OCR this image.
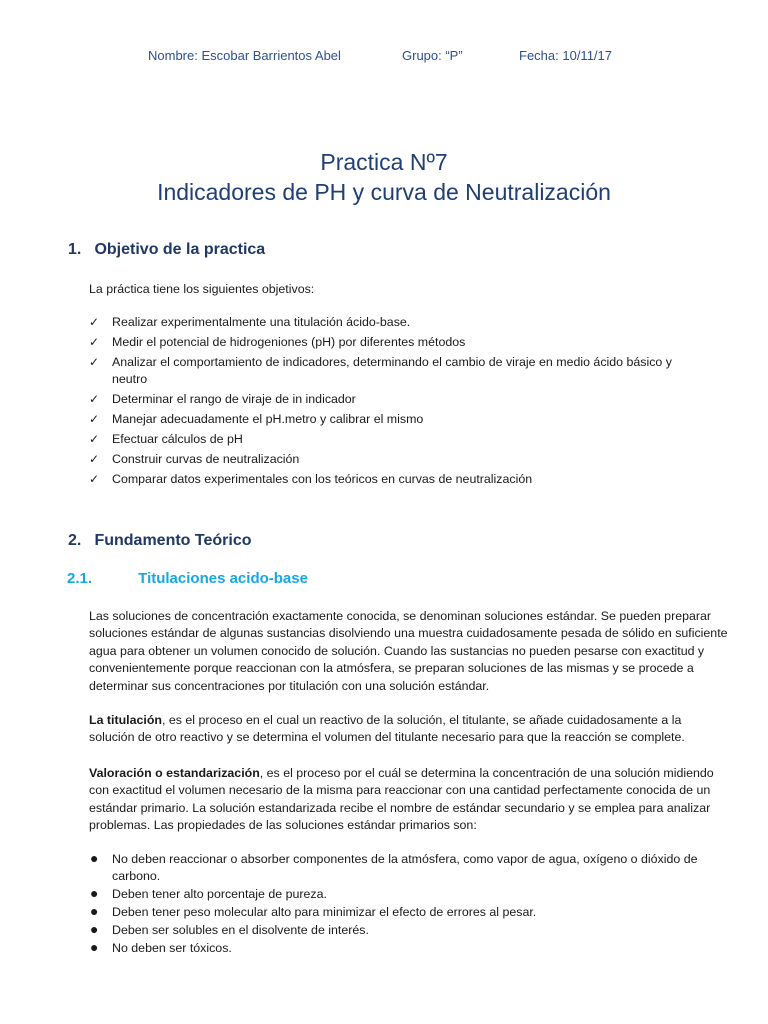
Nombre: Escobar Barrientos Abel	Grupo: “P”	Fecha: 10/11/17
Practica Nº7
Indicadores de PH y curva de Neutralización
1. Objetivo de la practica
La práctica tiene los siguientes objetivos:
✓ Realizar experimentalmente una titulación ácido-base.
✓ Medir el potencial de hidrogeniones (pH) por diferentes métodos
✓ Analizar el comportamiento de indicadores, determinando el cambio de viraje en medio ácido básico y neutro
✓ Determinar el rango de viraje de in indicador
✓ Manejar adecuadamente el pH.metro y calibrar el mismo
✓ Efectuar cálculos de pH
✓ Construir curvas de neutralización
✓ Comparar datos experimentales con los teóricos en curvas de neutralización
2. Fundamento Teórico
2.1.	Titulaciones acido-base
Las soluciones de concentración exactamente conocida, se denominan soluciones estándar. Se pueden preparar soluciones estándar de algunas sustancias disolviendo una muestra cuidadosamente pesada de sólido en suficiente agua para obtener un volumen conocido de solución. Cuando las sustancias no pueden pesarse con exactitud y convenientemente porque reaccionan con la atmósfera, se preparan soluciones de las mismas y se procede a determinar sus concentraciones por titulación con una solución estándar.
La titulación, es el proceso en el cual un reactivo de la solución, el titulante, se añade cuidadosamente a la solución de otro reactivo y se determina el volumen del titulante necesario para que la reacción se complete.
Valoración o estandarización, es el proceso por el cuál se determina la concentración de una solución midiendo con exactitud el volumen necesario de la misma para reaccionar con una cantidad perfectamente conocida de un estándar primario. La solución estandarizada recibe el nombre de estándar secundario y se emplea para analizar problemas. Las propiedades de las soluciones estándar primarios son:
● No deben reaccionar o absorber componentes de la atmósfera, como vapor de agua, oxígeno o dióxido de carbono.
● Deben tener alto porcentaje de pureza.
● Deben tener peso molecular alto para minimizar el efecto de errores al pesar.
● Deben ser solubles en el disolvente de interés.
● No deben ser tóxicos.
